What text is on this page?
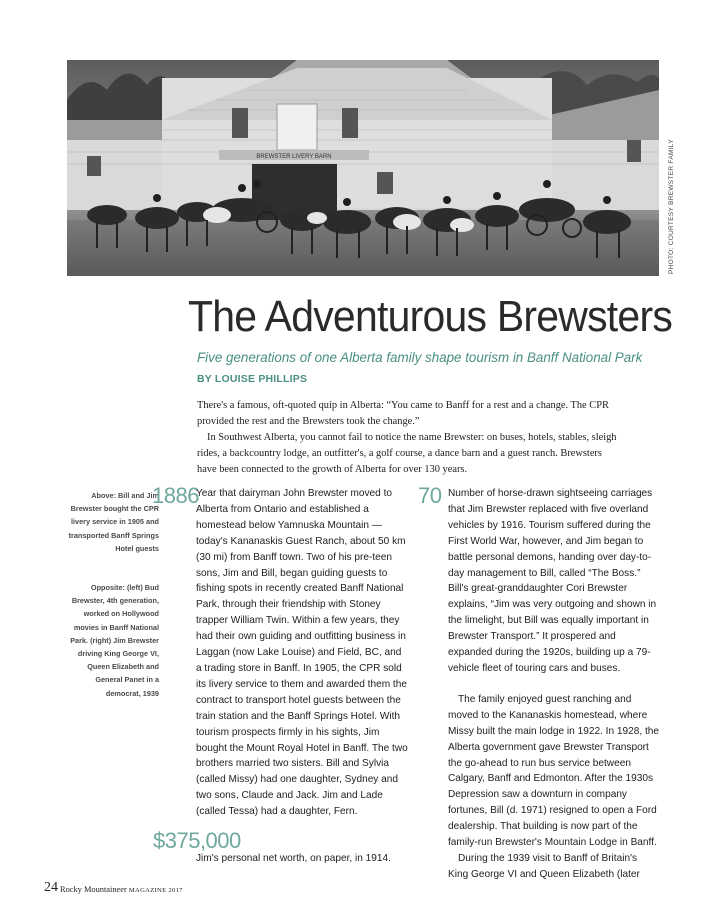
BREWSTER LIVERY BARN	PHOTO: COURTESY BREWSTER FAMILY
The Adventurous Brewsters
Five generations of one Alberta family shape tourism in Banff National Park
BY LOUISE PHILLIPS

There's a famous, oft-quoted quip in Alberta: “You came to Banff for a rest and a change. The CPR provided the rest and the Brewsters took the change.”

In Southwest Alberta, you cannot fail to notice the name Brewster: on buses, hotels, stables, sleigh rides, a backcountry lodge, an outfitter's, a golf course, a dance barn and a guest ranch. Brewsters have been connected to the growth of Alberta for over 130 years.

Above: Bill and Jim Brewster bought the CPR livery service in 1905 and transported Banff Springs Hotel guests
Opposite: (left) Bud Brewster, 4th generation, worked on Hollywood movies in Banff National Park. (right) Jim Brewster driving King George VI, Queen Elizabeth and General Panet in a democrat, 1939
1886	70

Year that dairyman John Brewster moved to Alberta from Ontario and established a homestead below Yamnuska Mountain — today's Kananaskis Guest Ranch, about 50 km (30 mi) from Banff town. Two of his pre-teen sons, Jim and Bill, began guiding guests to fishing spots in recently created Banff National Park, through their friendship with Stoney trapper William Twin. Within a few years, they had their own guiding and outfitting business in Laggan (now Lake Louise) and Field, BC, and a trading store in Banff. In 1905, the CPR sold its livery service to them and awarded them the contract to transport hotel guests between the train station and the Banff Springs Hotel. With tourism prospects firmly in his sights, Jim bought the Mount Royal Hotel in Banff. The two brothers married two sisters. Bill and Sylvia (called Missy) had one daughter, Sydney and two sons, Claude and Jack. Jim and Lade (called Tessa) had a daughter, Fern.

Number of horse-drawn sightseeing carriages that Jim Brewster replaced with five overland vehicles by 1916. Tourism suffered during the First World War, however, and Jim began to battle personal demons, handing over day-to-day management to Bill, called “The Boss.” Bill's great-granddaughter Cori Brewster explains, “Jim was very outgoing and shown in the limelight, but Bill was equally important in Brewster Transport.” It prospered and expanded during the 1920s, building up a 79-vehicle fleet of touring cars and buses.

The family enjoyed guest ranching and moved to the Kananaskis homestead, where Missy built the main lodge in 1922. In 1928, the Alberta government gave Brewster Transport the go-ahead to run bus service between Calgary, Banff and Edmonton. After the 1930s Depression saw a downturn in company fortunes, Bill (d. 1971) resigned to open a Ford dealership. That building is now part of the family-run Brewster's Mountain Lodge in Banff.

During the 1939 visit to Banff of Britain's King George VI and Queen Elizabeth (later

$375,000
Jim's personal net worth, on paper, in 1914.
24 Rocky Mountaineer MAGAZINE 2017
